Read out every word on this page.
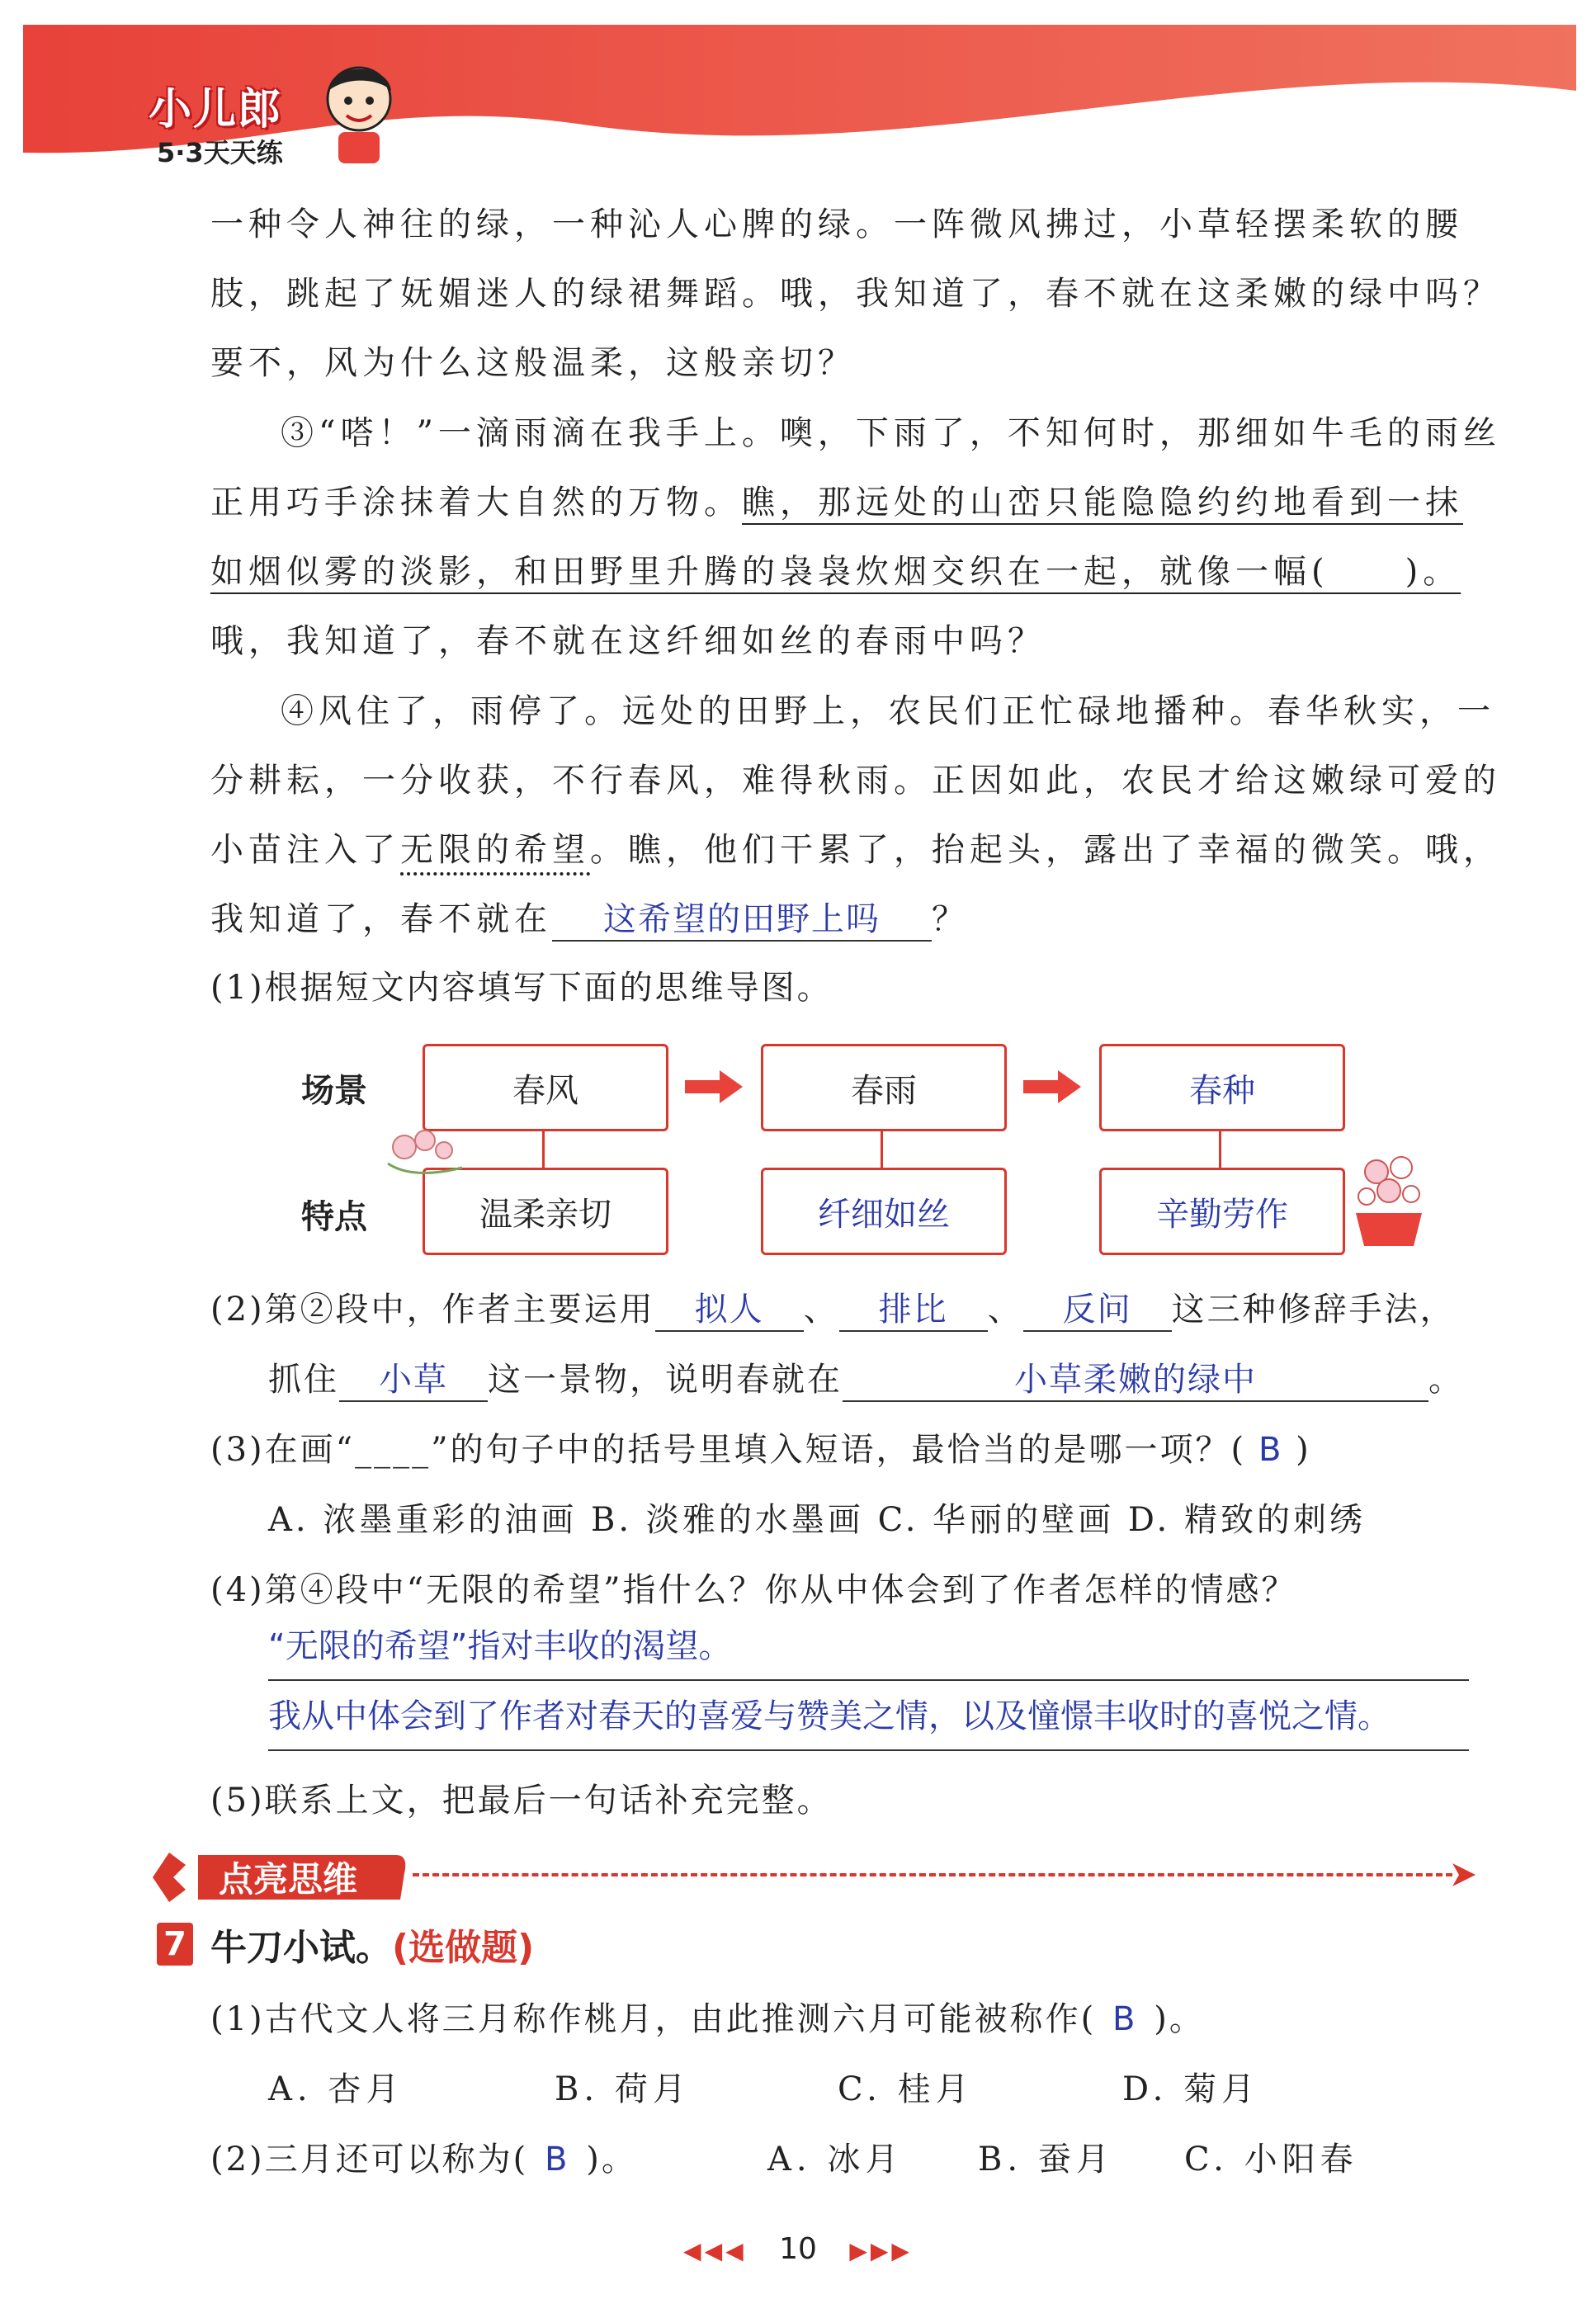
小儿郎
5·3天天练
一种令人神往的绿，一种沁人心脾的绿。一阵微风拂过，小草轻摆柔软的腰
肢，跳起了妩媚迷人的绿裙舞蹈。哦，我知道了，春不就在这柔嫩的绿中吗？
要不，风为什么这般温柔，这般亲切？
③“嗒！”一滴雨滴在我手上。噢，下雨了，不知何时，那细如牛毛的雨丝
正用巧手涂抹着大自然的万物。瞧，那远处的山峦只能隐隐约约地看到一抹
如烟似雾的淡影，和田野里升腾的袅袅炊烟交织在一起，就像一幅(　　)。
哦，我知道了，春不就在这纤细如丝的春雨中吗？
④风住了，雨停了。远处的田野上，农民们正忙碌地播种。春华秋实，一
分耕耘，一分收获，不行春风，难得秋雨。正因如此，农民才给这嫩绿可爱的
小苗注入了无限的希望。瞧，他们干累了，抬起头，露出了幸福的微笑。哦，
我知道了，春不就在 这希望的田野上吗 ？
(1)根据短文内容填写下面的思维导图。
场景
特点
春风	春雨	春种
温柔亲切	纤细如丝	辛勤劳作
(2)第②段中，作者主要运用 拟人 、 排比 、 反问 这三种修辞手法，
抓住 小草 这一景物，说明春就在	小草柔嫩的绿中	。
(3)在画“____”的句子中的括号里填入短语，最恰当的是哪一项？( B )
A. 浓墨重彩的油画 B. 淡雅的水墨画 C. 华丽的壁画 D. 精致的刺绣
(4)第④段中“无限的希望”指什么？你从中体会到了作者怎样的情感？
“无限的希望”指对丰收的渴望。
我从中体会到了作者对春天的喜爱与赞美之情，以及憧憬丰收时的喜悦之情。
(5)联系上文，把最后一句话补充完整。
点亮思维
7 牛刀小试。(选做题)
(1)古代文人将三月称作桃月，由此推测六月可能被称作( B )。
A. 杏月	B. 荷月	C. 桂月	D. 菊月
(2)三月还可以称为( B )。	A. 冰月 B. 蚕月 C. 小阳春
◀◀◀ 10 ▶▶▶
